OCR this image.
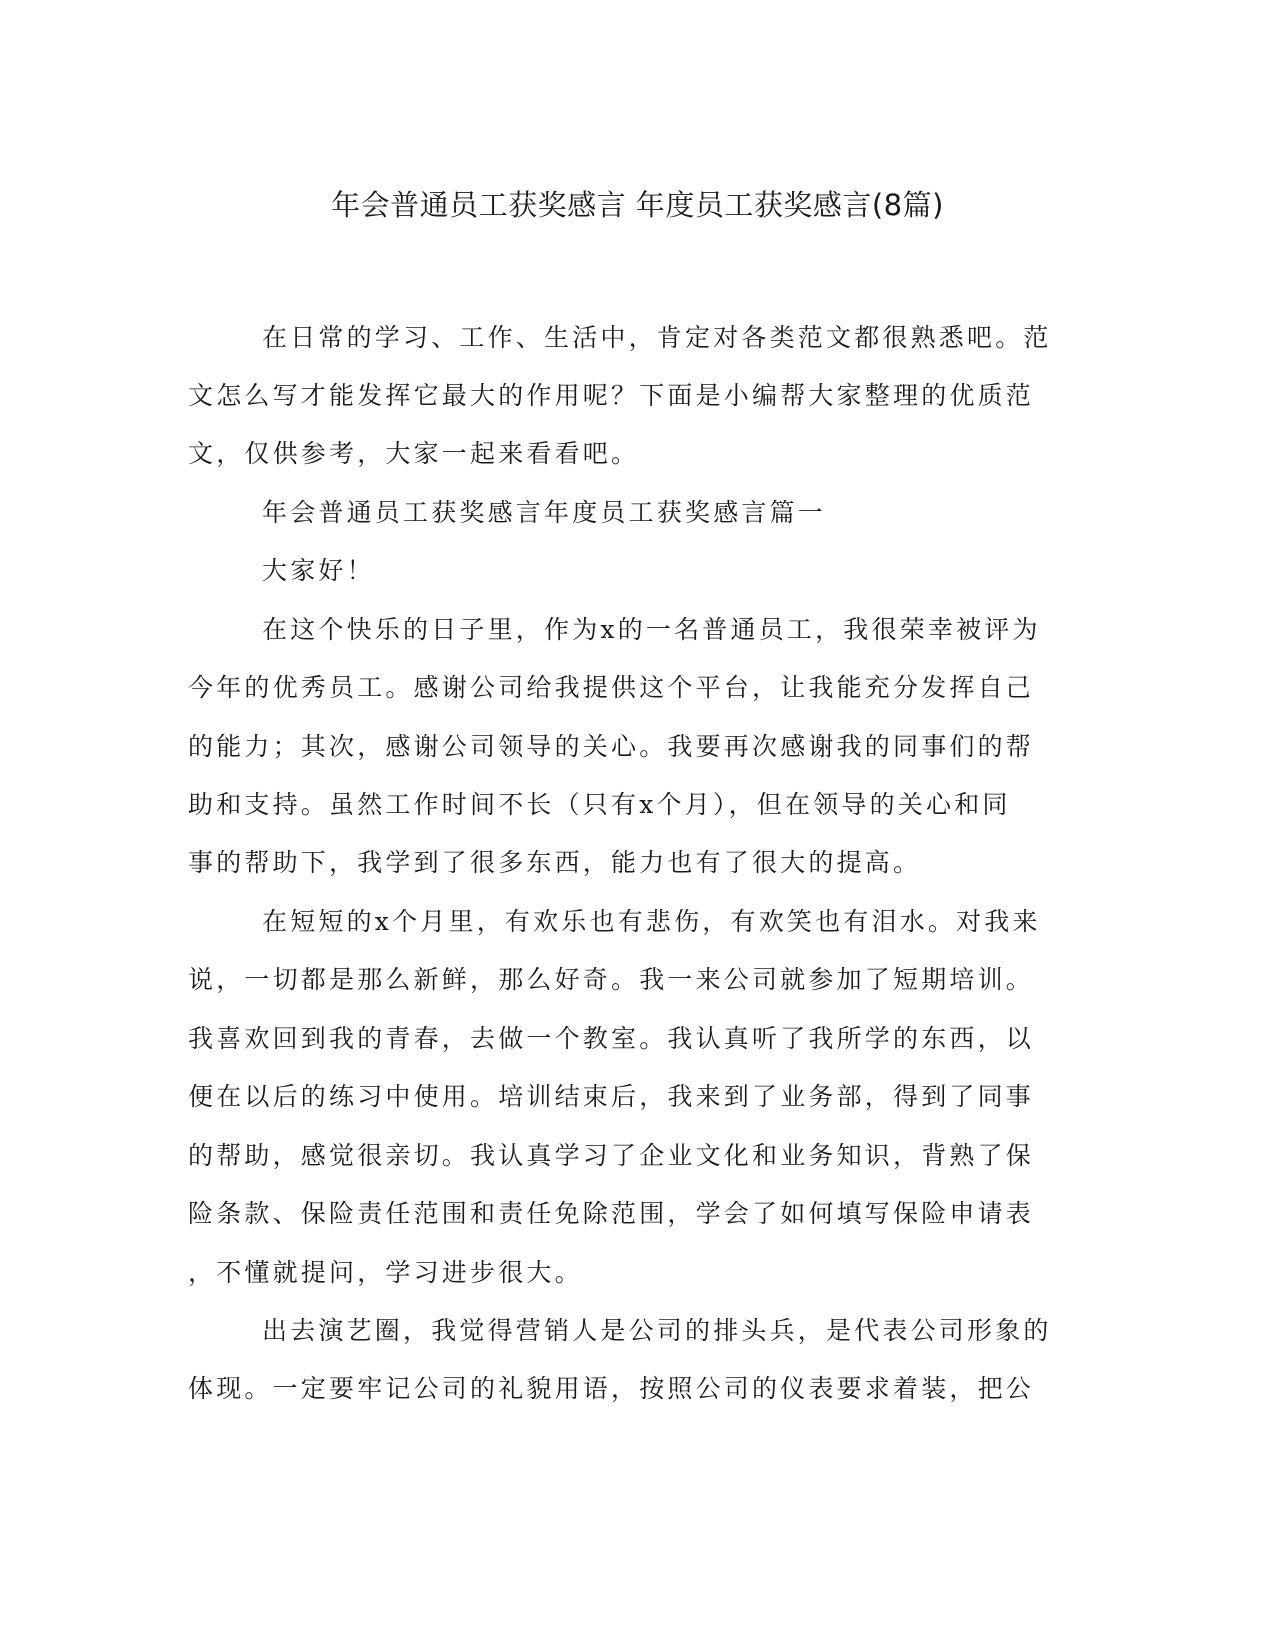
年会普通员工获奖感言 年度员工获奖感言(8篇)

在日常的学习、工作、生活中，肯定对各类范文都很熟悉吧。范

文怎么写才能发挥它最大的作用呢？下面是小编帮大家整理的优质范

文，仅供参考，大家一起来看看吧。

年会普通员工获奖感言年度员工获奖感言篇一

大家好！

在这个快乐的日子里，作为x的一名普通员工，我很荣幸被评为

今年的优秀员工。感谢公司给我提供这个平台，让我能充分发挥自己

的能力；其次，感谢公司领导的关心。我要再次感谢我的同事们的帮

助和支持。虽然工作时间不长（只有x个月），但在领导的关心和同

事的帮助下，我学到了很多东西，能力也有了很大的提高。

在短短的x个月里，有欢乐也有悲伤，有欢笑也有泪水。对我来

说，一切都是那么新鲜，那么好奇。我一来公司就参加了短期培训。

我喜欢回到我的青春，去做一个教室。我认真听了我所学的东西，以

便在以后的练习中使用。培训结束后，我来到了业务部，得到了同事

的帮助，感觉很亲切。我认真学习了企业文化和业务知识，背熟了保

险条款、保险责任范围和责任免除范围，学会了如何填写保险申请表

，不懂就提问，学习进步很大。

出去演艺圈，我觉得营销人是公司的排头兵，是代表公司形象的

体现。一定要牢记公司的礼貌用语，按照公司的仪表要求着装，把公
